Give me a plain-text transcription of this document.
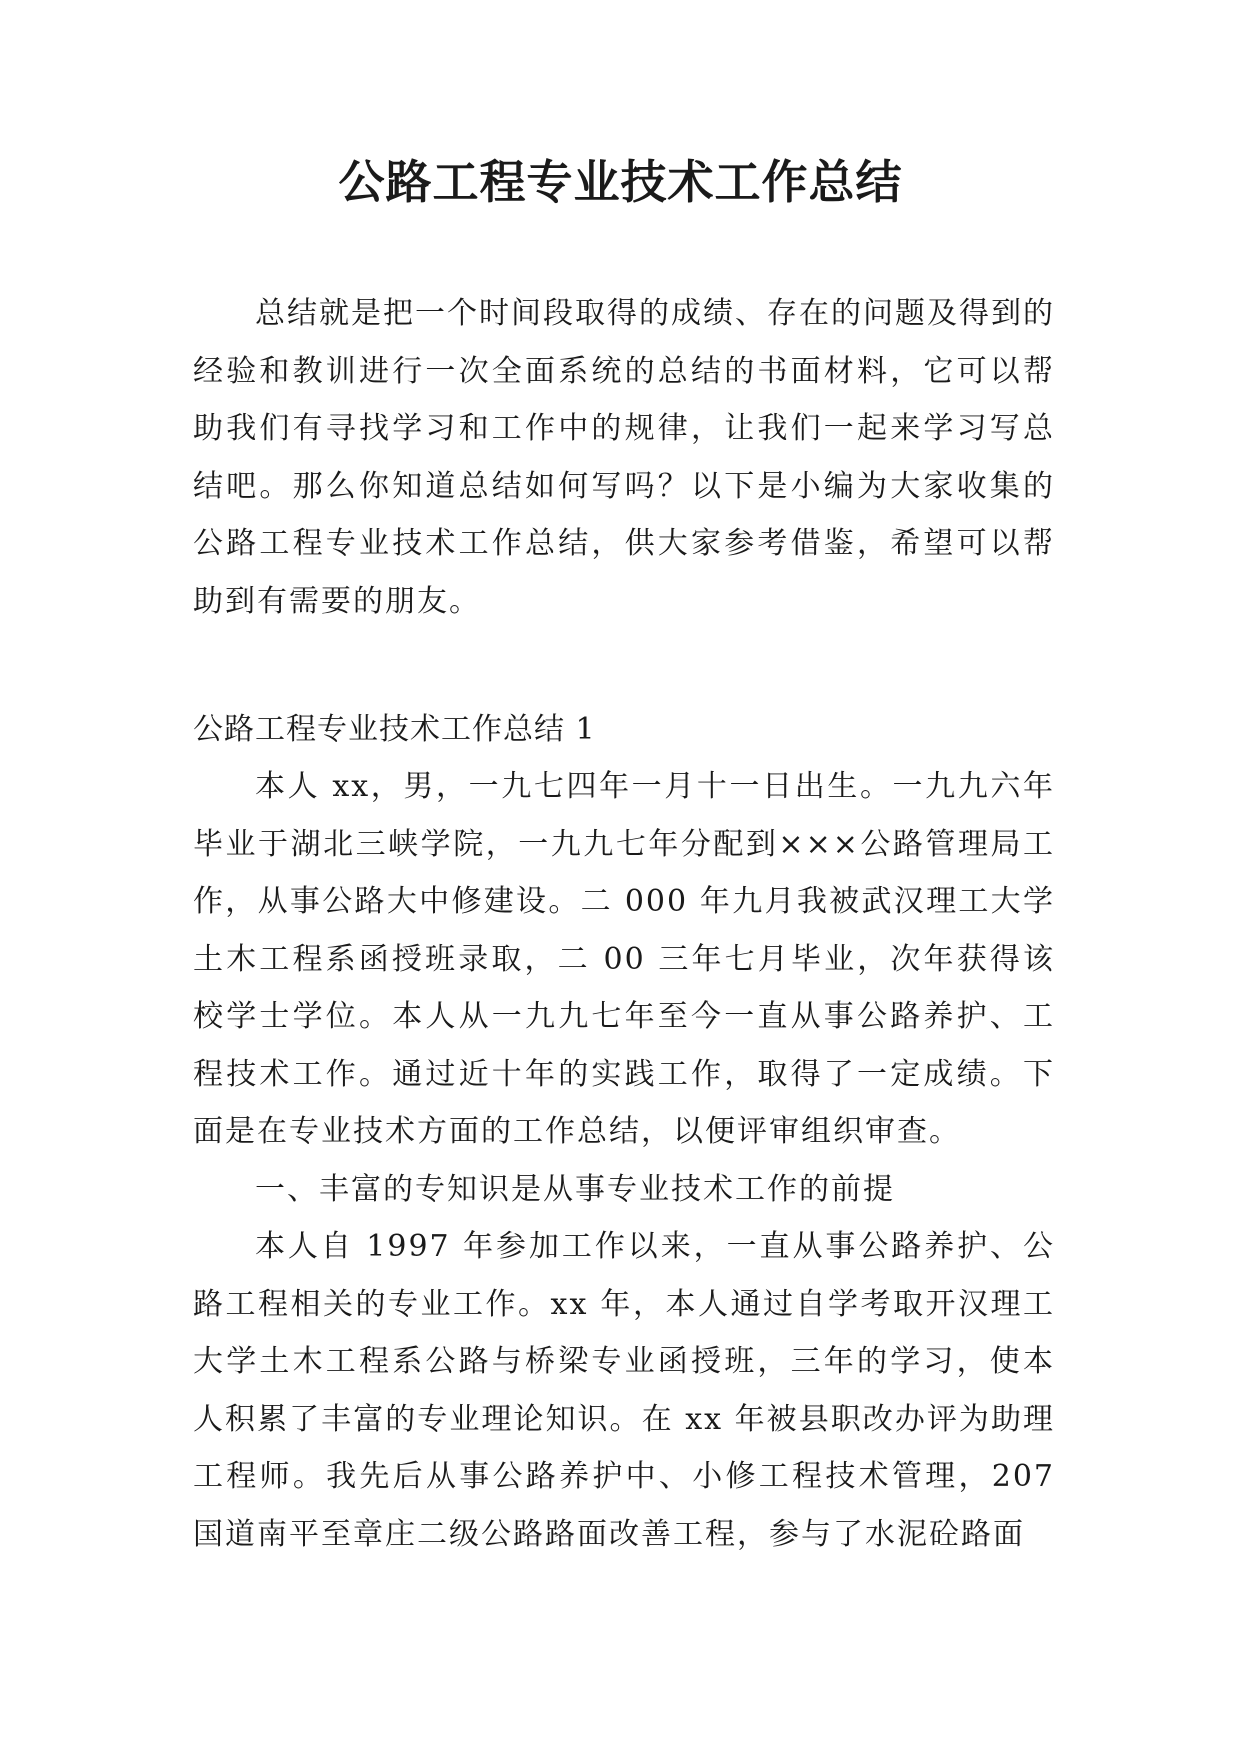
公路工程专业技术工作总结

总结就是把一个时间段取得的成绩、存在的问题及得到的经验和教训进行一次全面系统的总结的书面材料，它可以帮助我们有寻找学习和工作中的规律，让我们一起来学习写总结吧。那么你知道总结如何写吗？以下是小编为大家收集的公路工程专业技术工作总结，供大家参考借鉴，希望可以帮助到有需要的朋友。

公路工程专业技术工作总结 1

本人 xx，男，一九七四年一月十一日出生。一九九六年毕业于湖北三峡学院，一九九七年分配到×××公路管理局工作，从事公路大中修建设。二 000 年九月我被武汉理工大学土木工程系函授班录取，二 00 三年七月毕业，次年获得该校学士学位。本人从一九九七年至今一直从事公路养护、工程技术工作。通过近十年的实践工作，取得了一定成绩。下面是在专业技术方面的工作总结，以便评审组织审查。

一、丰富的专知识是从事专业技术工作的前提

本人自 1997 年参加工作以来，一直从事公路养护、公路工程相关的专业工作。xx 年，本人通过自学考取开汉理工大学土木工程系公路与桥梁专业函授班，三年的学习，使本人积累了丰富的专业理论知识。在 xx 年被县职改办评为助理工程师。我先后从事公路养护中、小修工程技术管理，207国道南平至章庄二级公路路面改善工程，参与了水泥砼路面
